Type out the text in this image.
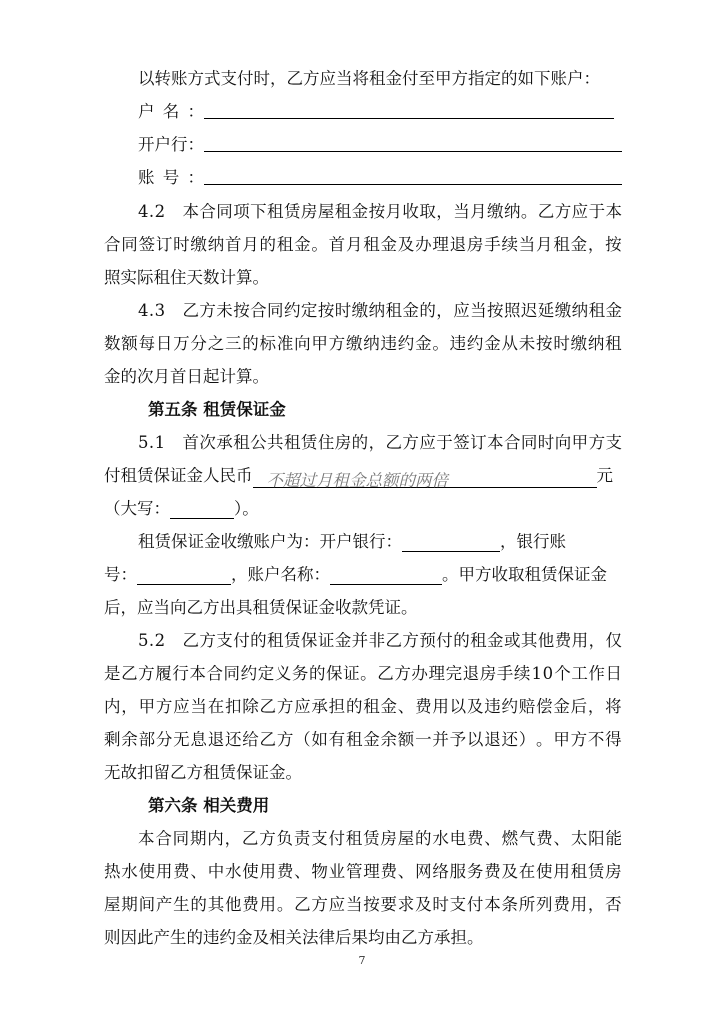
以转账方式支付时，乙方应当将租金付至甲方指定的如下账户：
户 名 ：
开 户 行 ：
账 号 ：
4 . 2
　 本 合 同 项 下 租 赁 房 屋 租 金 按 月 收 取 ， 当 月 缴 纳 。 乙 方 应 于 本
合 同 签 订 时 缴 纳 首 月 的 租 金 。 首 月 租 金 及 办 理 退 房 手 续 当 月 租 金 ， 按
照实际租住天数计算。
4 . 3
　 乙 方 未 按 合 同 约 定 按 时 缴 纳 租 金 的 ， 应 当 按 照 迟 延 缴 纳 租 金
数 额 每 日 万 分 之 三 的 标 准 向 甲 方 缴 纳 违 约 金 。 违 约 金 从 未 按 时 缴 纳 租
金的次月首日起计算。
第五条 租赁保证金
5 . 1
　 首 次 承 租 公 共 租 赁 住 房 的 ， 乙 方 应 于 签 订 本 合 同 时 向 甲 方 支
付租赁保证金人民币 不超过月租金总额的两倍	元
（大写：	）。
租赁保证金收缴账户为：开户银行：	，银行账
号：	，账户名称：	。甲方收取租赁保证金
后，应当向乙方出具租赁保证金收款凭证。
5 . 2
　 乙 方 支 付 的 租 赁 保 证 金 并 非 乙 方 预 付 的 租 金 或 其 他 费 用 ， 仅
是 乙 方 履 行 本 合 同 约 定 义 务 的 保 证 。 乙 方 办 理 完 退 房 手 续 1 0 个 工 作 日
内 ， 甲 方 应 当 在 扣 除 乙 方 应 承 担 的 租 金 、 费 用 以 及 违 约 赔 偿 金 后 ， 将
剩 余 部 分 无 息 退 还 给 乙 方 （ 如 有 租 金 余 额 一 并 予 以 退 还 ） 。 甲 方 不 得
无故扣留乙方租赁保证金。
第六条 相关费用
本 合 同 期 内 ， 乙 方 负 责 支 付 租 赁 房 屋 的 水 电 费 、 燃 气 费 、 太 阳 能
热 水 使 用 费 、 中 水 使 用 费 、 物 业 管 理 费 、 网 络 服 务 费 及 在 使 用 租 赁 房
屋 期 间 产 生 的 其 他 费 用 。 乙 方 应 当 按 要 求 及 时 支 付 本 条 所 列 费 用 ， 否
则因此产生的违约金及相关法律后果均由乙方承担。
7
